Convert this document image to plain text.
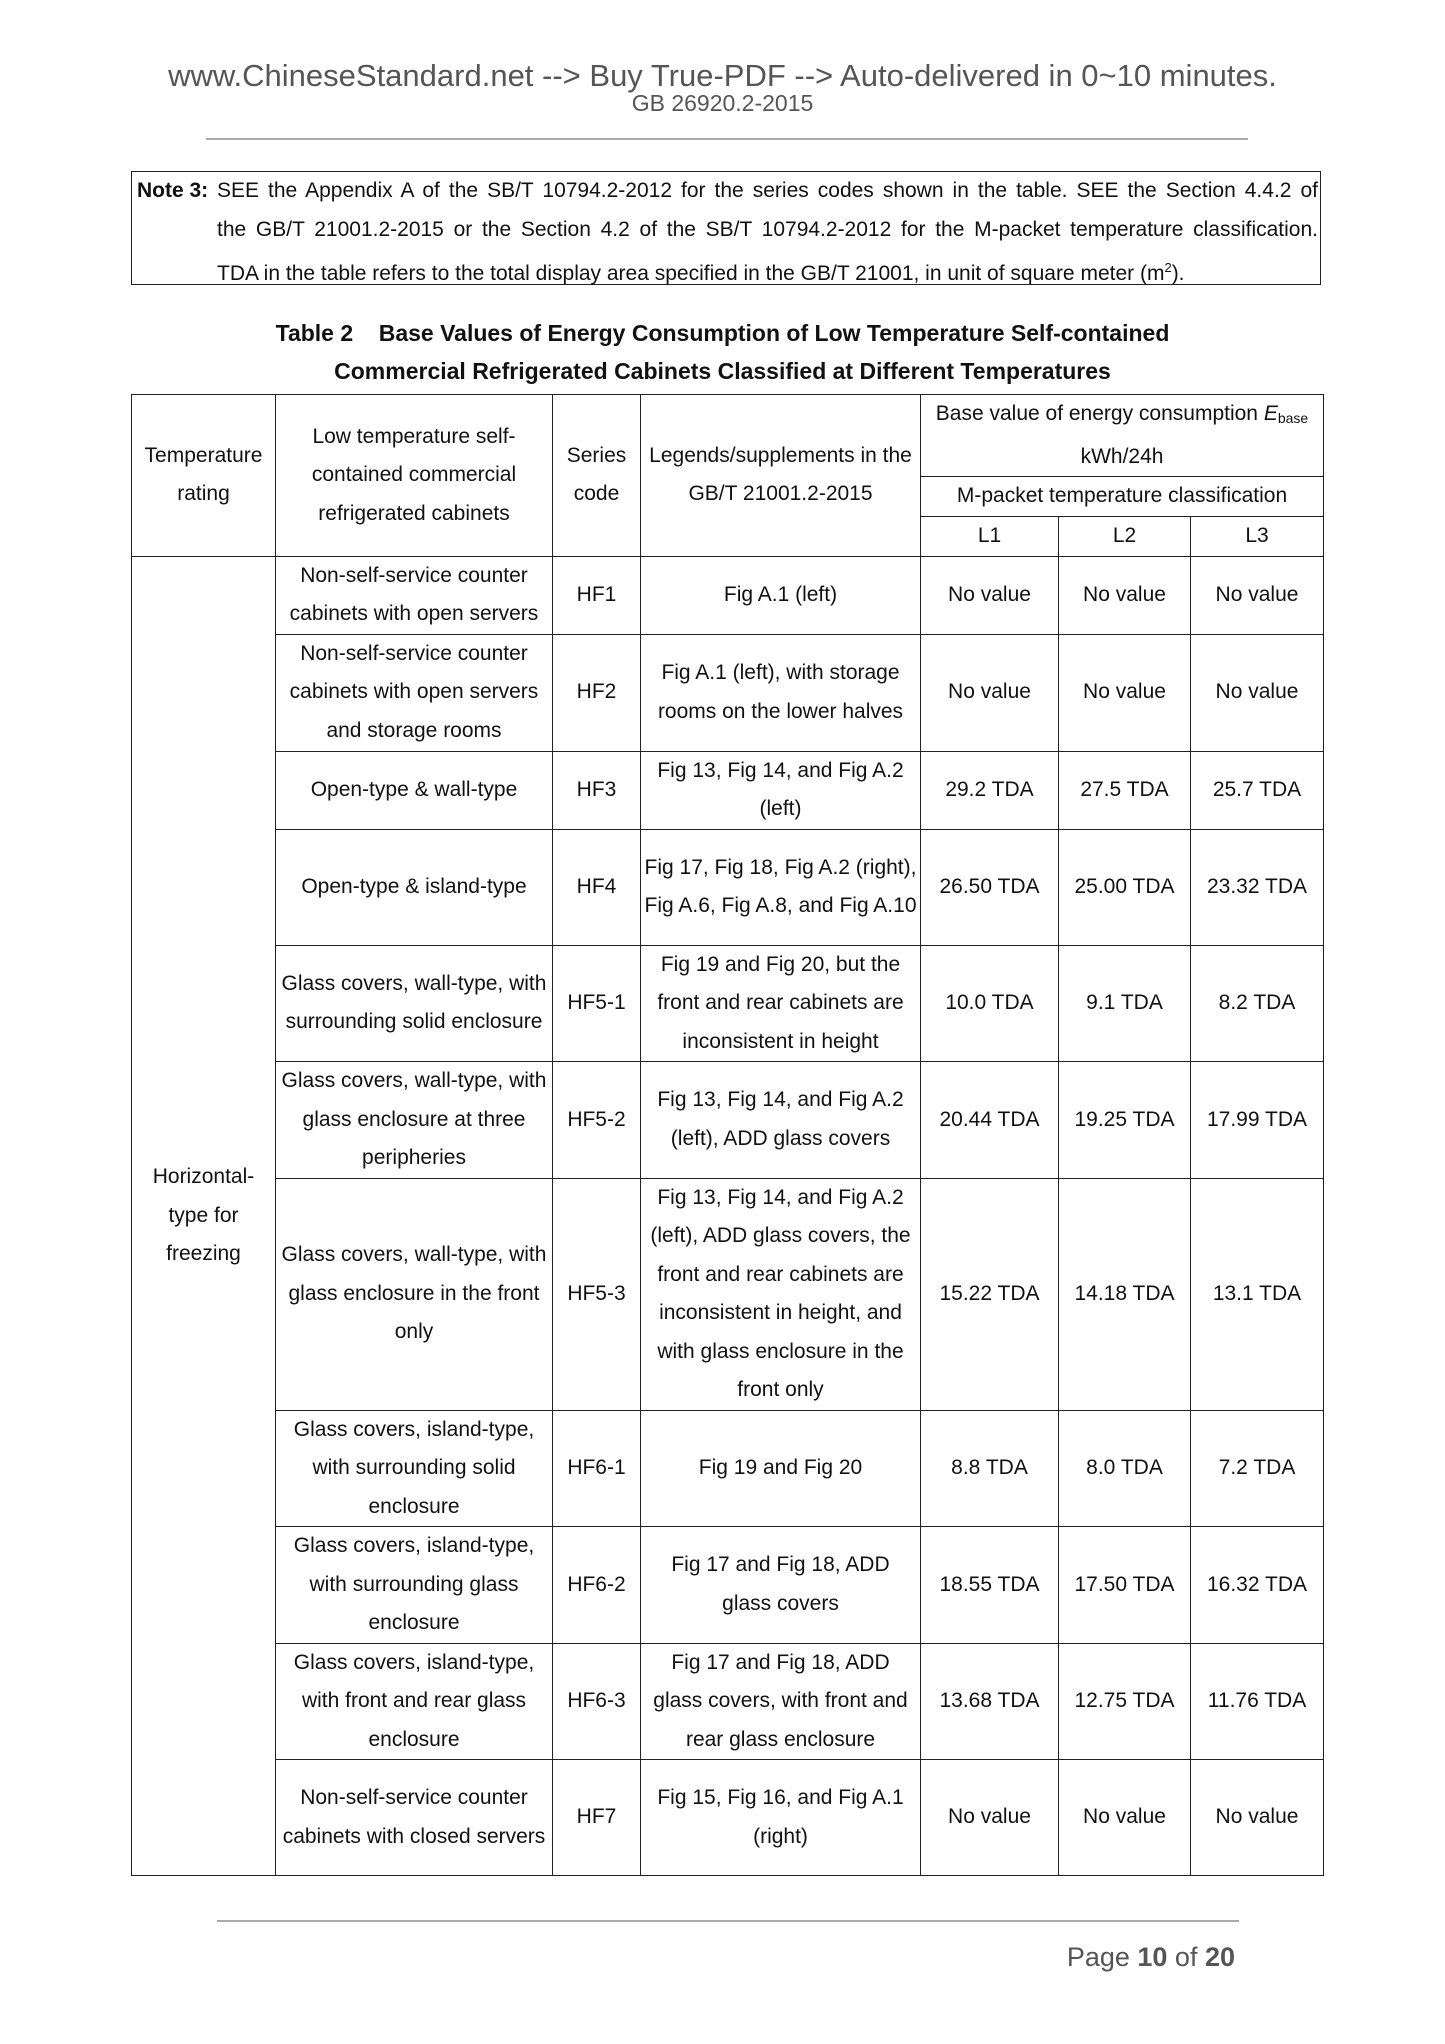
www.ChineseStandard.net --> Buy True-PDF --> Auto-delivered in 0~10 minutes.
GB 26920.2-2015
Note 3: SEE the Appendix A of the SB/T 10794.2-2012 for the series codes shown in the table. SEE the Section 4.4.2 of
the GB/T 21001.2-2015 or the Section 4.2 of the SB/T 10794.2-2012 for the M-packet temperature classification.
TDA in the table refers to the total display area specified in the GB/T 21001, in unit of square meter $(m^2)$.
Table 2    Base Values of Energy Consumption of Low Temperature Self-contained
Commercial Refrigerated Cabinets Classified at Different Temperatures
Temperature rating	Low temperature self-contained commercial refrigerated cabinets	Series code	Legends/supplements in the GB/T 21001.2-2015	Base value of energy consumption $E_{base}$
kWh/24h		
				M-packet temperature classification		
				L1	L2	L3
Horizontal-type for freezing	Non-self-service counter cabinets with open servers	HF1	Fig A.1 (left)	No value	No value	No value
	Non-self-service counter cabinets with open servers and storage rooms	HF2	Fig A.1 (left), with storage rooms on the lower halves	No value	No value	No value
	Open-type & wall-type	HF3	Fig 13, Fig 14, and Fig A.2 (left)	29.2 TDA	27.5 TDA	25.7 TDA
	Open-type & island-type	HF4	Fig 17, Fig 18, Fig A.2 (right), Fig A.6, Fig A.8, and Fig A.10	26.50 TDA	25.00 TDA	23.32 TDA
	Glass covers, wall-type, with surrounding solid enclosure	HF5-1	Fig 19 and Fig 20, but the front and rear cabinets are inconsistent in height	10.0 TDA	9.1 TDA	8.2 TDA
	Glass covers, wall-type, with glass enclosure at three peripheries	HF5-2	Fig 13, Fig 14, and Fig A.2 (left), ADD glass covers	20.44 TDA	19.25 TDA	17.99 TDA
	Glass covers, wall-type, with glass enclosure in the front only	HF5-3	Fig 13, Fig 14, and Fig A.2 (left), ADD glass covers, the front and rear cabinets are inconsistent in height, and with glass enclosure in the front only	15.22 TDA	14.18 TDA	13.1 TDA
	Glass covers, island-type, with surrounding solid enclosure	HF6-1	Fig 19 and Fig 20	8.8 TDA	8.0 TDA	7.2 TDA
	Glass covers, island-type, with surrounding glass enclosure	HF6-2	Fig 17 and Fig 18, ADD glass covers	18.55 TDA	17.50 TDA	16.32 TDA
	Glass covers, island-type, with front and rear glass enclosure	HF6-3	Fig 17 and Fig 18, ADD glass covers, with front and rear glass enclosure	13.68 TDA	12.75 TDA	11.76 TDA
	Non-self-service counter cabinets with closed servers	HF7	Fig 15, Fig 16, and Fig A.1 (right)	No value	No value	No value
Page 10 of 20
